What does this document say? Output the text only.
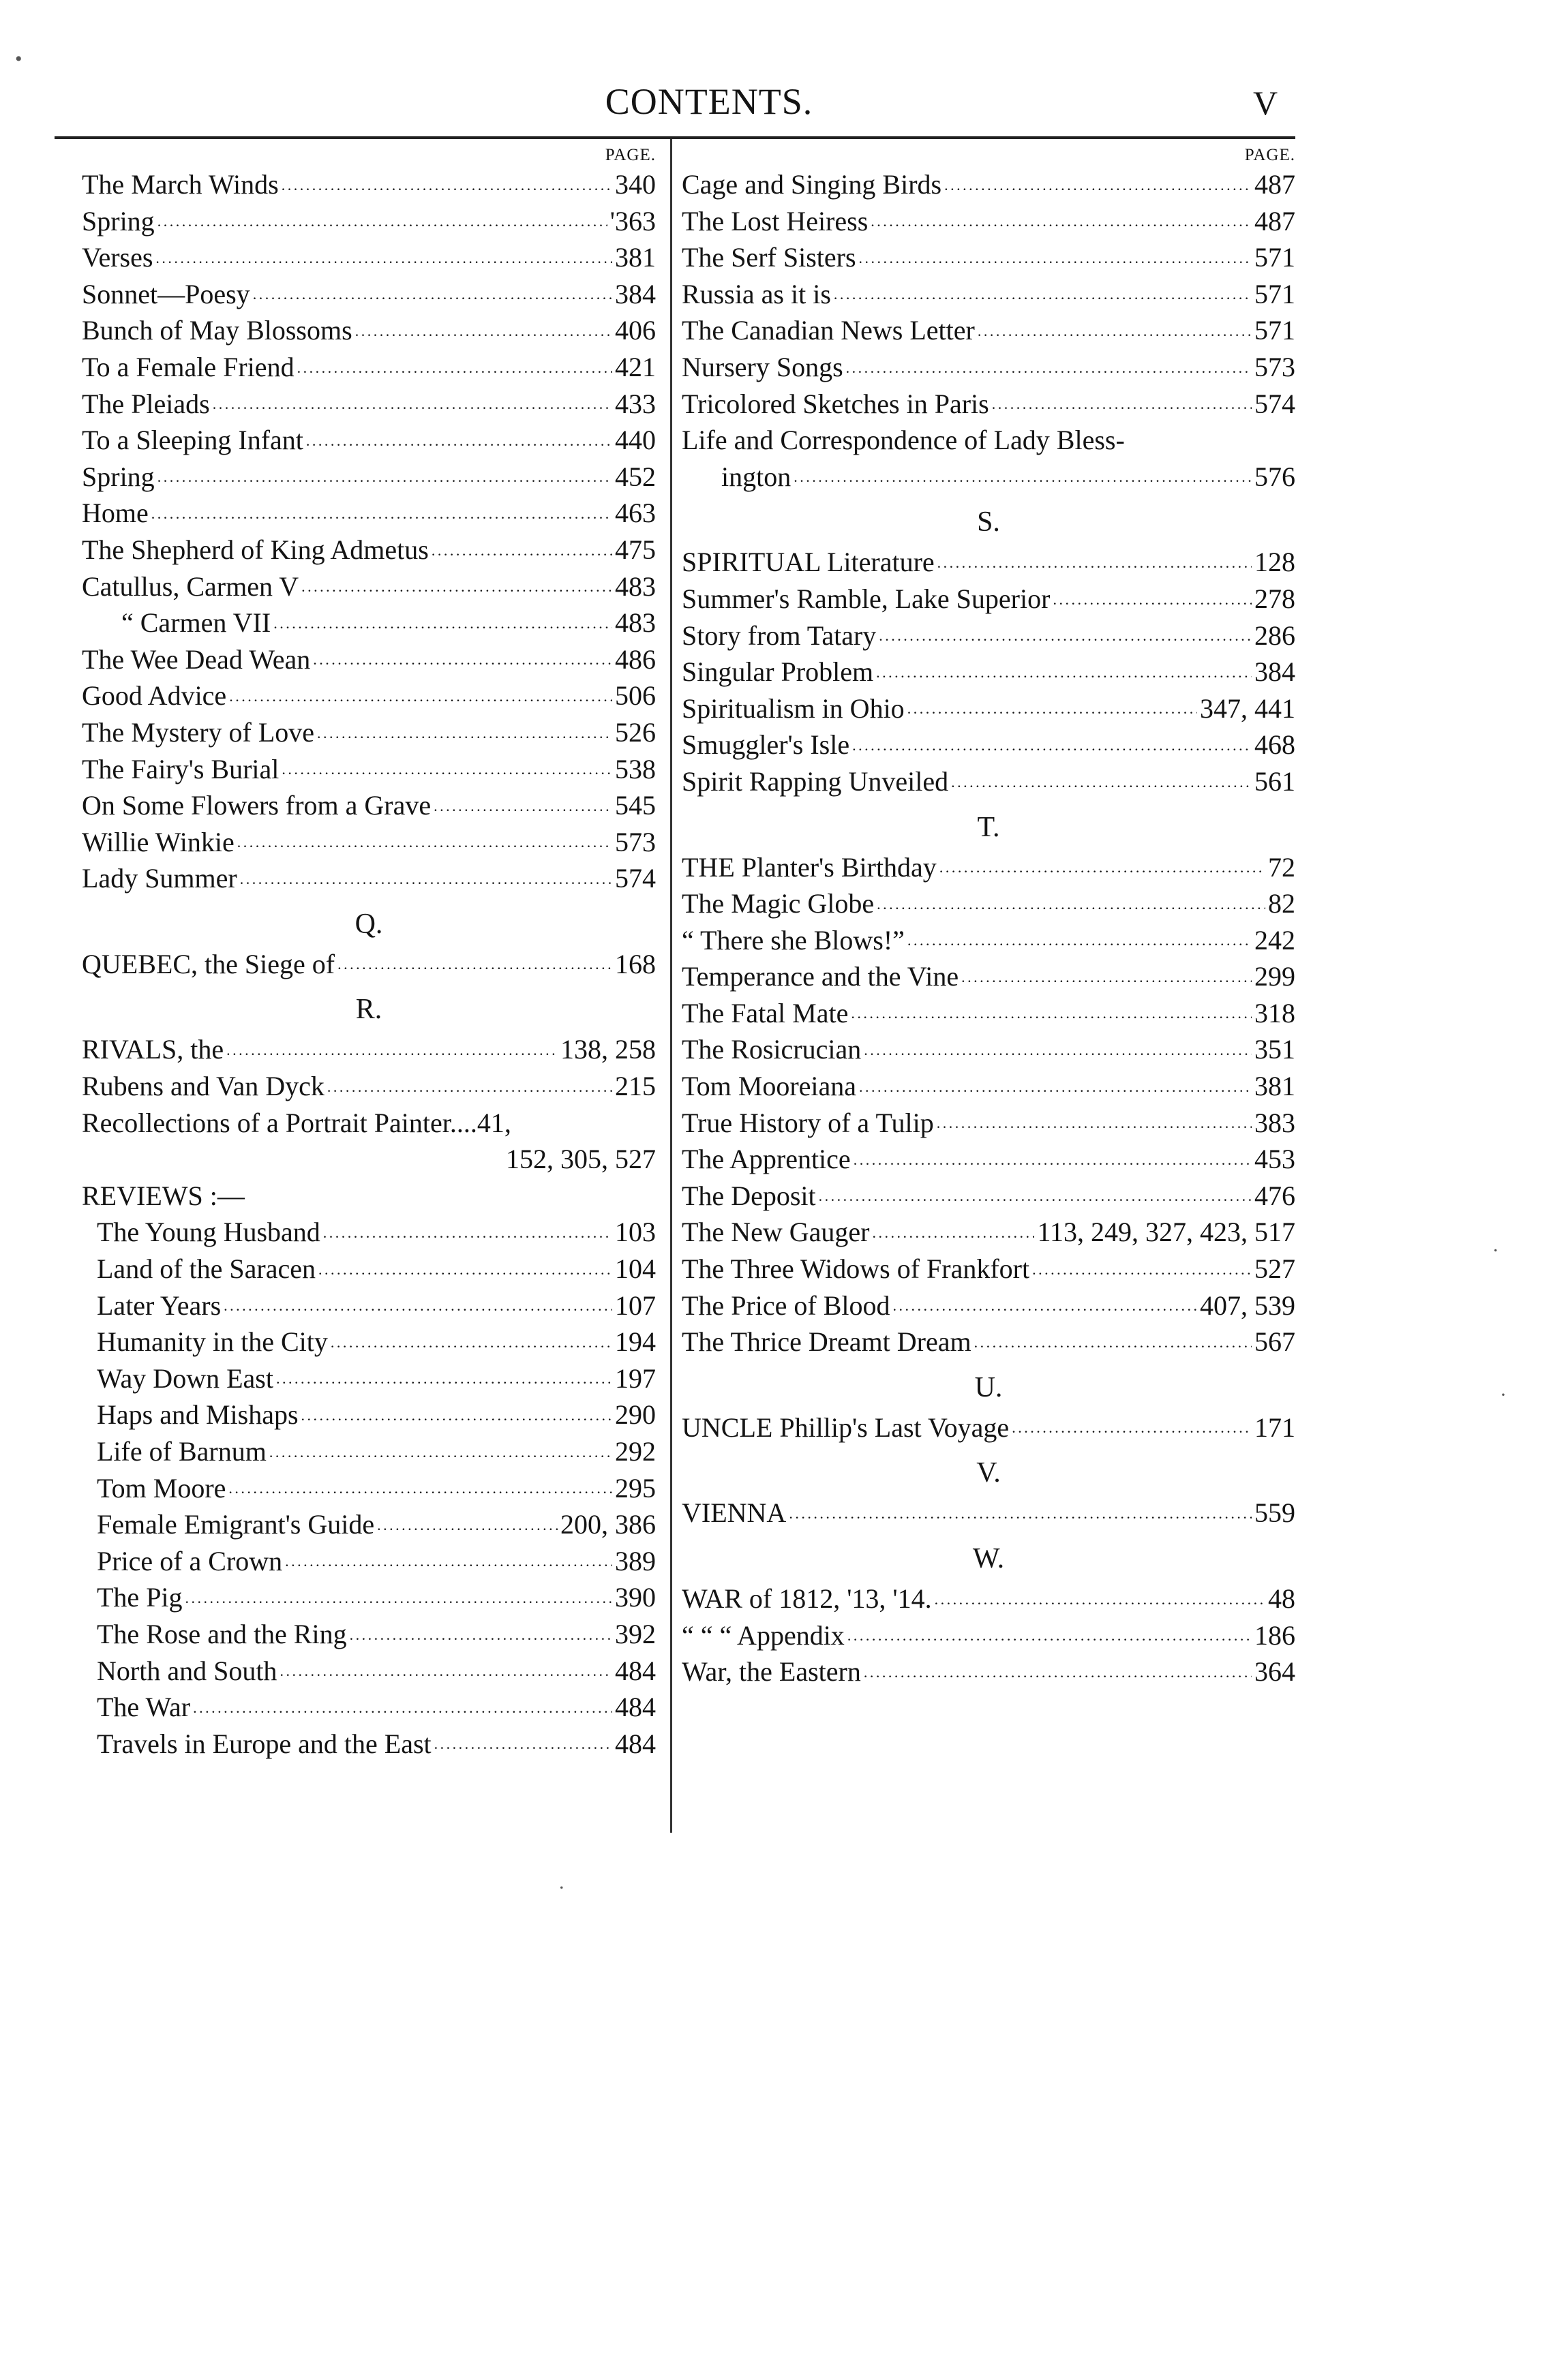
CONTENTS.	V
PAGE.
The March Winds . . .	340
Spring . . .	'363
Verses . . .	381
Sonnet—Poesy . . .	384
Bunch of May Blossoms . . .	406
To a Female Friend . . .	421
The Pleiads . . .	433
To a Sleeping Infant . . .	440
Spring . . .	452
Home . . .	463
The Shepherd of King Admetus . . .	475
Catullus, Carmen V . . .	483
“ Carmen VII . . .	483
The Wee Dead Wean . . .	486
Good Advice . . .	506
The Mystery of Love . . .	526
The Fairy's Burial . . .	538
On Some Flowers from a Grave . . .	545
Willie Winkie . . .	573
Lady Summer . . .	574
Q.
QUEBEC, the Siege of . . .	168
R.
RIVALS, the . . .	138, 258
Rubens and Van Dyck . . .	215
Recollections of a Portrait Painter....41,
152, 305, 527
REVIEWS :—
The Young Husband . . .	103
Land of the Saracen . . .	104
Later Years . . .	107
Humanity in the City . . .	194
Way Down East . . .	197
Haps and Mishaps . . .	290
Life of Barnum . . .	292
Tom Moore . . .	295
Female Emigrant's Guide . . .	200, 386
Price of a Crown . . .	389
The Pig . . .	390
The Rose and the Ring . . .	392
North and South . . .	484
The War . . .	484
Travels in Europe and the East . . .	484
PAGE.
Cage and Singing Birds . . .	487
The Lost Heiress . . .	487
The Serf Sisters . . .	571
Russia as it is . . .	571
The Canadian News Letter . . .	571
Nursery Songs . . .	573
Tricolored Sketches in Paris . . .	574
Life and Correspondence of Lady Bless-
ington . . .	576
S.
SPIRITUAL Literature . . .	128
Summer's Ramble, Lake Superior . . .	278
Story from Tatary . . .	286
Singular Problem . . .	384
Spiritualism in Ohio . . .	347, 441
Smuggler's Isle . . .	468
Spirit Rapping Unveiled . . .	561
T.
THE Planter's Birthday . . .	72
The Magic Globe . . .	82
“ There she Blows!” . . .	242
Temperance and the Vine . . .	299
The Fatal Mate . . .	318
The Rosicrucian . . .	351
Tom Mooreiana . . .	381
True History of a Tulip . . .	383
The Apprentice . . .	453
The Deposit . . .	476
The New Gauger . . .	113, 249, 327, 423, 517
The Three Widows of Frankfort . . .	527
The Price of Blood . . .	407, 539
The Thrice Dreamt Dream . . .	567
U.
UNCLE Phillip's Last Voyage . . .	171
V.
VIENNA . . .	559
W.
WAR of 1812, '13, '14. . . .	48
“ “ “ Appendix . . .	186
War, the Eastern . . .	364
•
.
·
.
